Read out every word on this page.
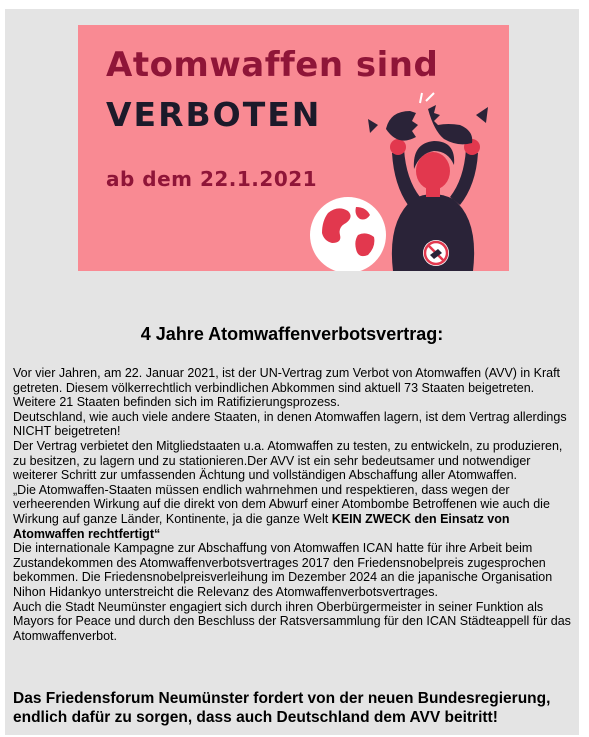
Atomwaffen sind
VERBOTEN
ab dem 22.1.2021
4 Jahre Atomwaffenverbotsvertrag:

Vor vier Jahren, am 22. Januar 2021, ist der UN-Vertrag zum Verbot von Atomwaffen (AVV) in Kraft getreten. Diesem völkerrechtlich verbindlichen Abkommen sind aktuell 73 Staaten beigetreten. Weitere 21 Staaten befinden sich im Ratifizierungsprozess.

Deutschland, wie auch viele andere Staaten, in denen Atomwaffen lagern, ist dem Vertrag allerdings NICHT beigetreten!

Der Vertrag verbietet den Mitgliedstaaten u.a. Atomwaffen zu testen, zu entwickeln, zu produzieren, zu besitzen, zu lagern und zu stationieren.Der AVV ist ein sehr bedeutsamer und notwendiger weiterer Schritt zur umfassenden Ächtung und vollständigen Abschaffung aller Atomwaffen.

„Die Atomwaffen-Staaten müssen endlich wahrnehmen und respektieren, dass wegen der verheerenden Wirkung auf die direkt von dem Abwurf einer Atombombe Betroffenen wie auch die Wirkung auf ganze Länder, Kontinente, ja die ganze Welt KEIN ZWECK den Einsatz von Atomwaffen rechtfertigt“

Die internationale Kampagne zur Abschaffung von Atomwaffen ICAN hatte für ihre Arbeit beim Zustandekommen des Atomwaffenverbotsvertrages 2017 den Friedensnobelpreis zugesprochen bekommen. Die Friedensnobelpreisverleihung im Dezember 2024 an die japanische Organisation Nihon Hidankyo unterstreicht die Relevanz des Atomwaffenverbotsvertrages.

Auch die Stadt Neumünster engagiert sich durch ihren Oberbürgermeister in seiner Funktion als Mayors for Peace und durch den Beschluss der Ratsversammlung für den ICAN Städteappell für das Atomwaffenverbot.

Das Friedensforum Neumünster fordert von der neuen Bundesregierung, endlich dafür zu sorgen, dass auch Deutschland dem AVV beitritt!
